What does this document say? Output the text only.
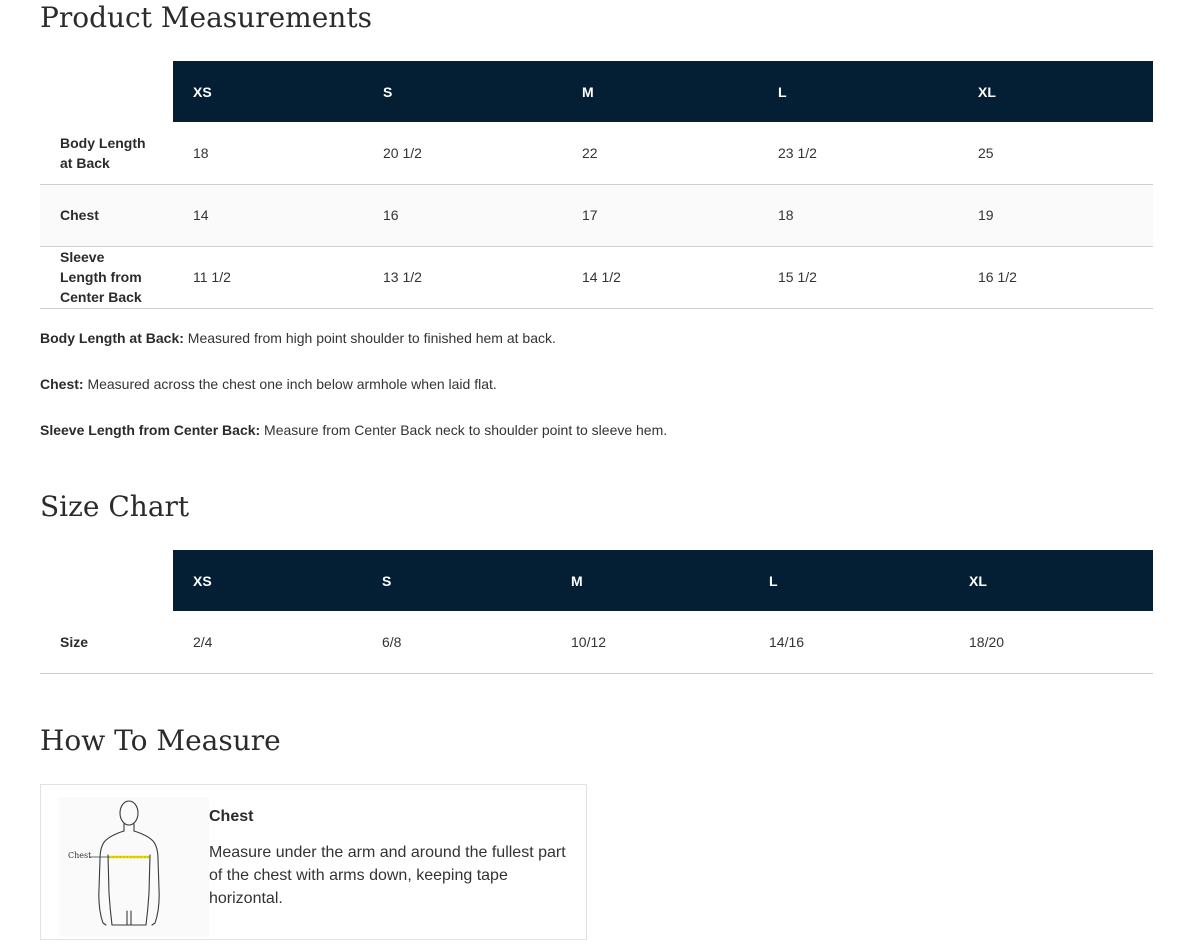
Product Measurements
	XS	S	M	L	XL
Body Length at Back	18	20 1/2	22	23 1/2	25
Chest	14	16	17	18	19
Sleeve Length from Center Back	11 1/2	13 1/2	14 1/2	15 1/2	16 1/2

Body Length at Back: Measured from high point shoulder to finished hem at back.

Chest: Measured across the chest one inch below armhole when laid flat.

Sleeve Length from Center Back: Measure from Center Back neck to shoulder point to sleeve hem.

Size Chart
	XS	S	M	L	XL
Size	2/4	6/8	10/12	14/16	18/20
How To Measure
Chest
Chest
Measure under the arm and around the fullest part of the chest with arms down, keeping tape horizontal.
